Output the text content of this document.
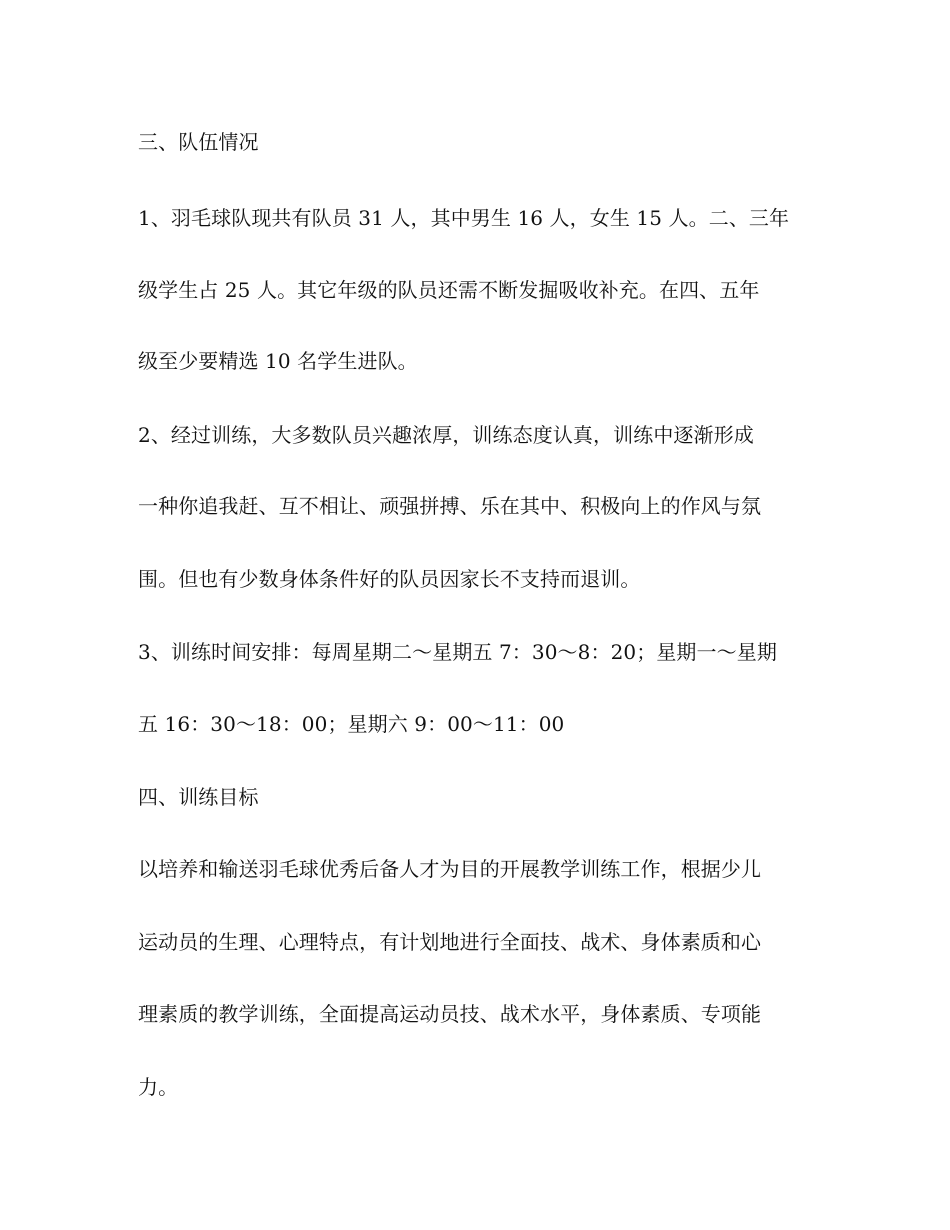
三、队伍情况
1、羽毛球队现共有队员 31 人，其中男生 16 人，女生 15 人。二、三年
级学生占 25 人。其它年级的队员还需不断发掘吸收补充。在四、五年
级至少要精选 10 名学生进队。
2、经过训练，大多数队员兴趣浓厚，训练态度认真，训练中逐渐形成
一种你追我赶、互不相让、顽强拼搏、乐在其中、积极向上的作风与氛
围。但也有少数身体条件好的队员因家长不支持而退训。
3、训练时间安排：每周星期二～星期五 7：30～8：20；星期一～星期
五 16：30～18：00；星期六 9：00～11：00
四、训练目标
以培养和输送羽毛球优秀后备人才为目的开展教学训练工作，根据少儿
运动员的生理、心理特点，有计划地进行全面技、战术、身体素质和心
理素质的教学训练，全面提高运动员技、战术水平，身体素质、专项能
力。
